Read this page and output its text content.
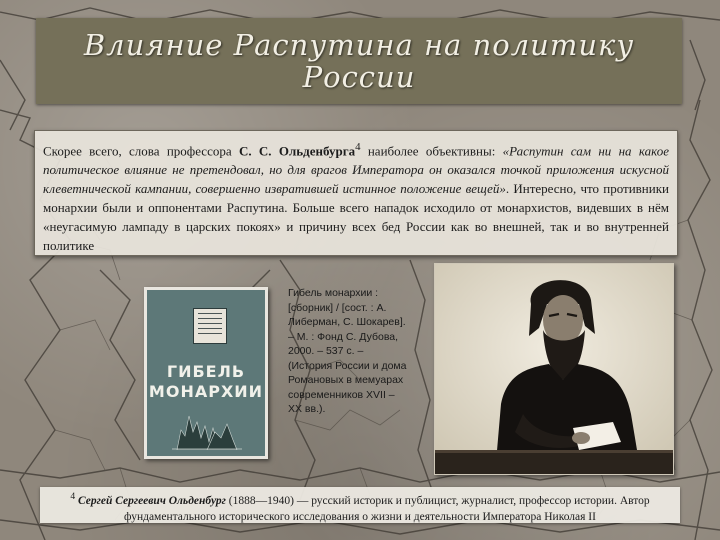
Влияние Распутина на политику
России
Скорее всего, слова профессора С. С. Ольденбурга$^4$ наиболее объективны: «Распутин сам ни на какое политическое влияние не претендовал, но для врагов Императора он оказался точкой приложения искусной клеветнической кампании, совершенно извратившей истинное положение вещей». Интересно, что противники монархии были и оппонентами Распутина. Больше всего нападок исходило от монархистов, видевших в нём «неугасимую лампаду в царских покоях» и причину всех бед России как во внешней, так и во внутренней политике
ГИБЕЛЬ
МОНАРХИИ
Гибель монархии : [сборник] / [сост. : А. Либерман, С. Шокарев]. – М. : Фонд С. Дубова, 2000. – 537 с. – (История России и дома Романовых в мемуарах современников XVII – XX вв.).
$^4$ Сергей Сергеевич Ольденбург (1888—1940) — русский историк и публицист, журналист, профессор истории. Автор фундаментального исторического исследования о жизни и деятельности Императора Николая II
